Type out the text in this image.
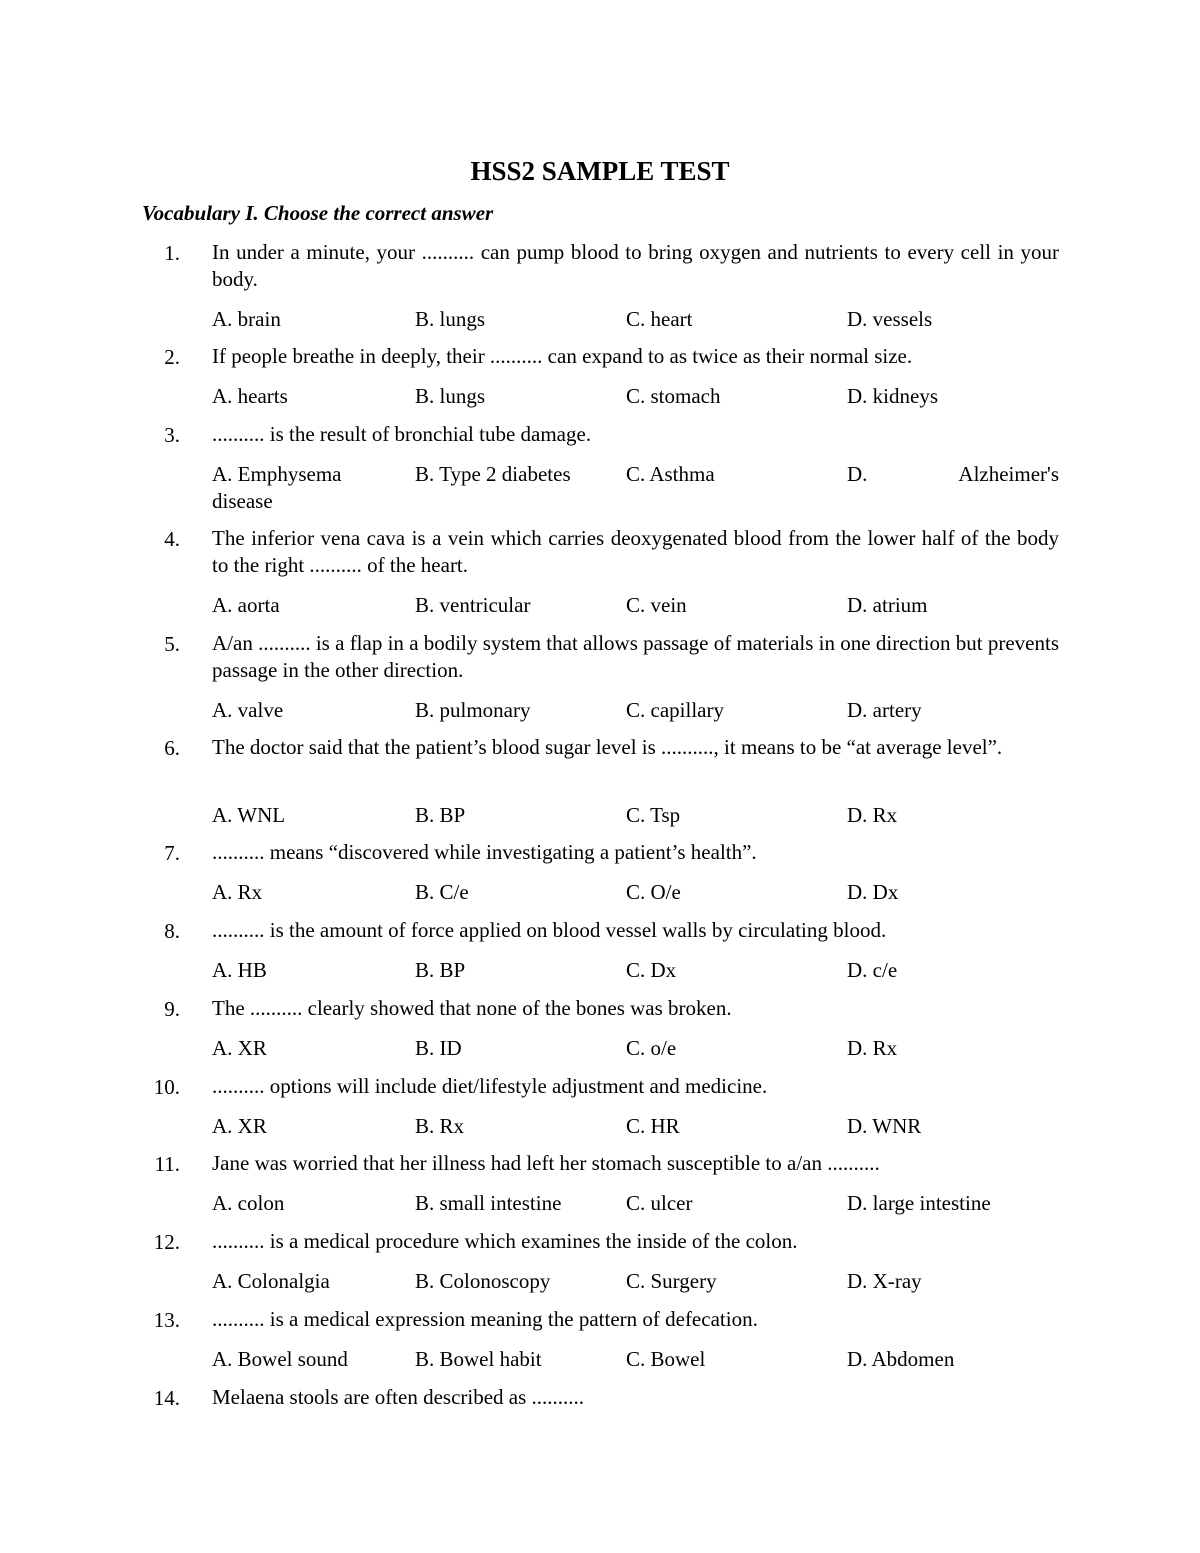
HSS2 SAMPLE TEST
Vocabulary I. Choose the correct answer
1. In under a minute, your .......... can pump blood to bring oxygen and nutrients to every cell in your body.
A. brain	B. lungs	C. heart	D. vessels
2. If people breathe in deeply, their .......... can expand to as twice as their normal size.
A. hearts	B. lungs	C. stomach	D. kidneys
3. .......... is the result of bronchial tube damage.
A. Emphysema	B. Type 2 diabetes	C. Asthma	D.	Alzheimer's
disease
4. The inferior vena cava is a vein which carries deoxygenated blood from the lower half of the body to the right .......... of the heart.
A. aorta	B. ventricular	C. vein	D. atrium
5. A/an .......... is a flap in a bodily system that allows passage of materials in one direction but prevents passage in the other direction.
A. valve	B. pulmonary	C. capillary	D. artery
6. The doctor said that the patient’s blood sugar level is .........., it means to be “at average level”.
A. WNL	B. BP	C. Tsp	D. Rx
7. .......... means “discovered while investigating a patient’s health”.
A. Rx	B. C/e	C. O/e	D. Dx
8. .......... is the amount of force applied on blood vessel walls by circulating blood.
A. HB	B. BP	C. Dx	D. c/e
9. The .......... clearly showed that none of the bones was broken.
A. XR	B. ID	C. o/e	D. Rx
10. .......... options will include diet/lifestyle adjustment and medicine.
A. XR	B. Rx	C. HR	D. WNR
11. Jane was worried that her illness had left her stomach susceptible to a/an ..........
A. colon	B. small intestine	C. ulcer	D. large intestine
12. .......... is a medical procedure which examines the inside of the colon.
A. Colonalgia	B. Colonoscopy	C. Surgery	D. X-ray
13. .......... is a medical expression meaning the pattern of defecation.
A. Bowel sound	B. Bowel habit	C. Bowel	D. Abdomen
14. Melaena stools are often described as ..........
